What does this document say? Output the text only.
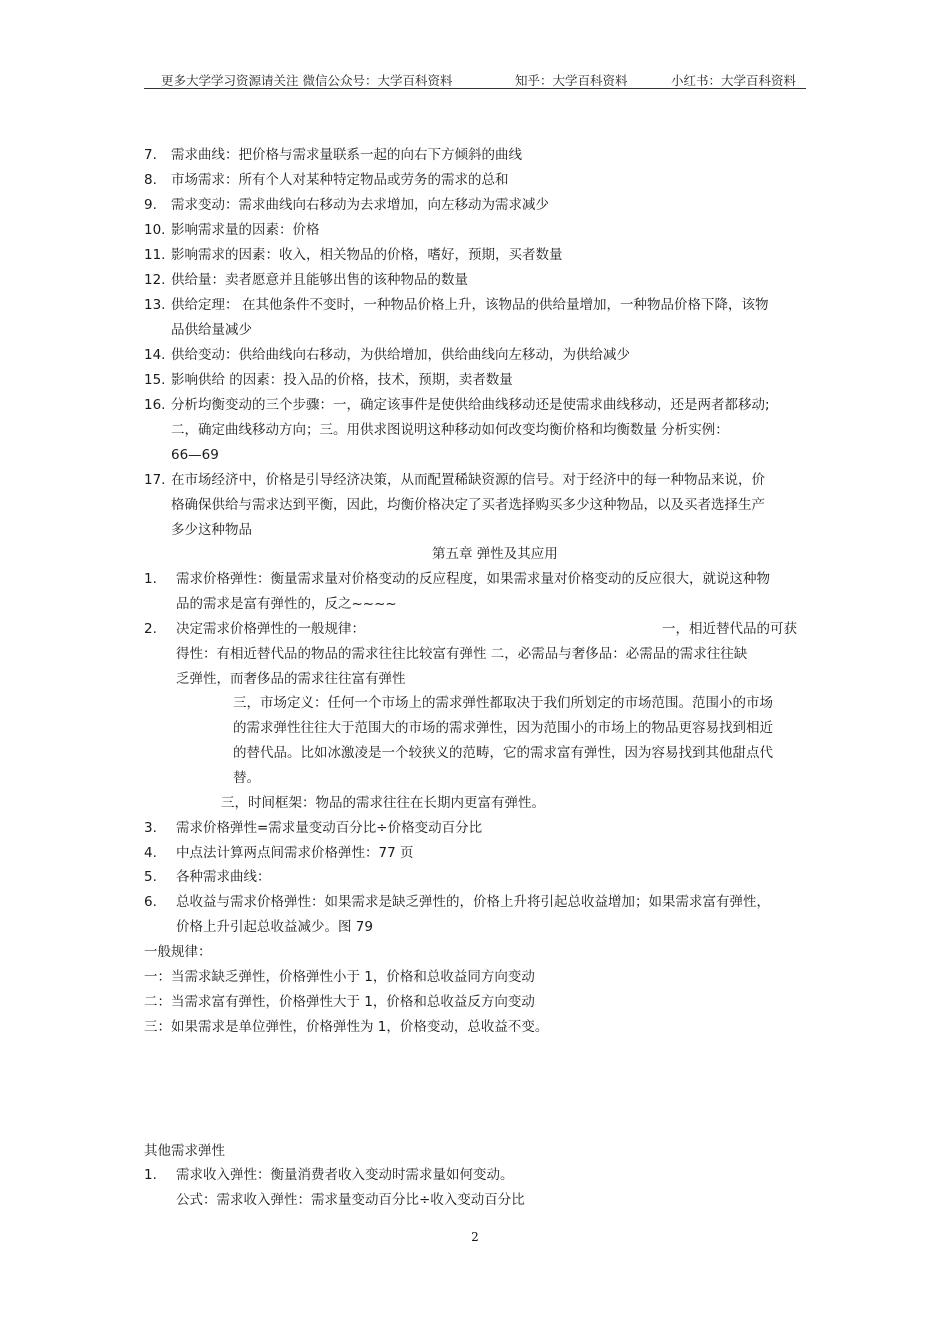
更多大学学习资源请关注 微信公众号：大学百科资料	知乎：大学百科资料	小红书：大学百科资料
7. 需求曲线：把价格与需求量联系一起的向右下方倾斜的曲线
8. 市场需求：所有个人对某种特定物品或劳务的需求的总和
9. 需求变动：需求曲线向右移动为去求增加，向左移动为需求减少
10. 影响需求量的因素：价格
11. 影响需求的因素：收入，相关物品的价格，嗜好，预期，买者数量
12. 供给量：卖者愿意并且能够出售的该种物品的数量
13. 供给定理： 在其他条件不变时，一种物品价格上升，该物品的供给量增加，一种物品价格下降，该物
品供给量减少
14. 供给变动：供给曲线向右移动，为供给增加，供给曲线向左移动，为供给减少
15. 影响供给 的因素：投入品的价格，技术，预期，卖者数量
16. 分析均衡变动的三个步骤：一，确定该事件是使供给曲线移动还是使需求曲线移动，还是两者都移动;
二，确定曲线移动方向；三。用供求图说明这种移动如何改变均衡价格和均衡数量 分析实例：
66—69
17. 在市场经济中，价格是引导经济决策，从而配置稀缺资源的信号。对于经济中的每一种物品来说，价
格确保供给与需求达到平衡，因此，均衡价格决定了买者选择购买多少这种物品，以及买者选择生产
多少这种物品
第五章 弹性及其应用
1. 需求价格弹性：衡量需求量对价格变动的反应程度，如果需求量对价格变动的反应很大，就说这种物
品的需求是富有弹性的，反之~~~~
2. 决定需求价格弹性的一般规律：	一，相近替代品的可获
得性：有相近替代品的物品的需求往往比较富有弹性 二，必需品与奢侈品：必需品的需求往往缺
乏弹性，而奢侈品的需求往往富有弹性
三，市场定义：任何一个市场上的需求弹性都取决于我们所划定的市场范围。范围小的市场
的需求弹性往往大于范围大的市场的需求弹性，因为范围小的市场上的物品更容易找到相近
的替代品。比如冰激凌是一个较狭义的范畴，它的需求富有弹性，因为容易找到其他甜点代
替。
三，时间框架：物品的需求往往在长期内更富有弹性。
3. 需求价格弹性=需求量变动百分比÷价格变动百分比
4. 中点法计算两点间需求价格弹性：77 页
5. 各种需求曲线：
6. 总收益与需求价格弹性：如果需求是缺乏弹性的，价格上升将引起总收益增加；如果需求富有弹性，
价格上升引起总收益减少。图 79
一般规律：
一：当需求缺乏弹性，价格弹性小于 1，价格和总收益同方向变动
二：当需求富有弹性，价格弹性大于 1，价格和总收益反方向变动
三：如果需求是单位弹性，价格弹性为 1，价格变动，总收益不变。
其他需求弹性
1. 需求收入弹性：衡量消费者收入变动时需求量如何变动。
公式：需求收入弹性：需求量变动百分比÷收入变动百分比
2
